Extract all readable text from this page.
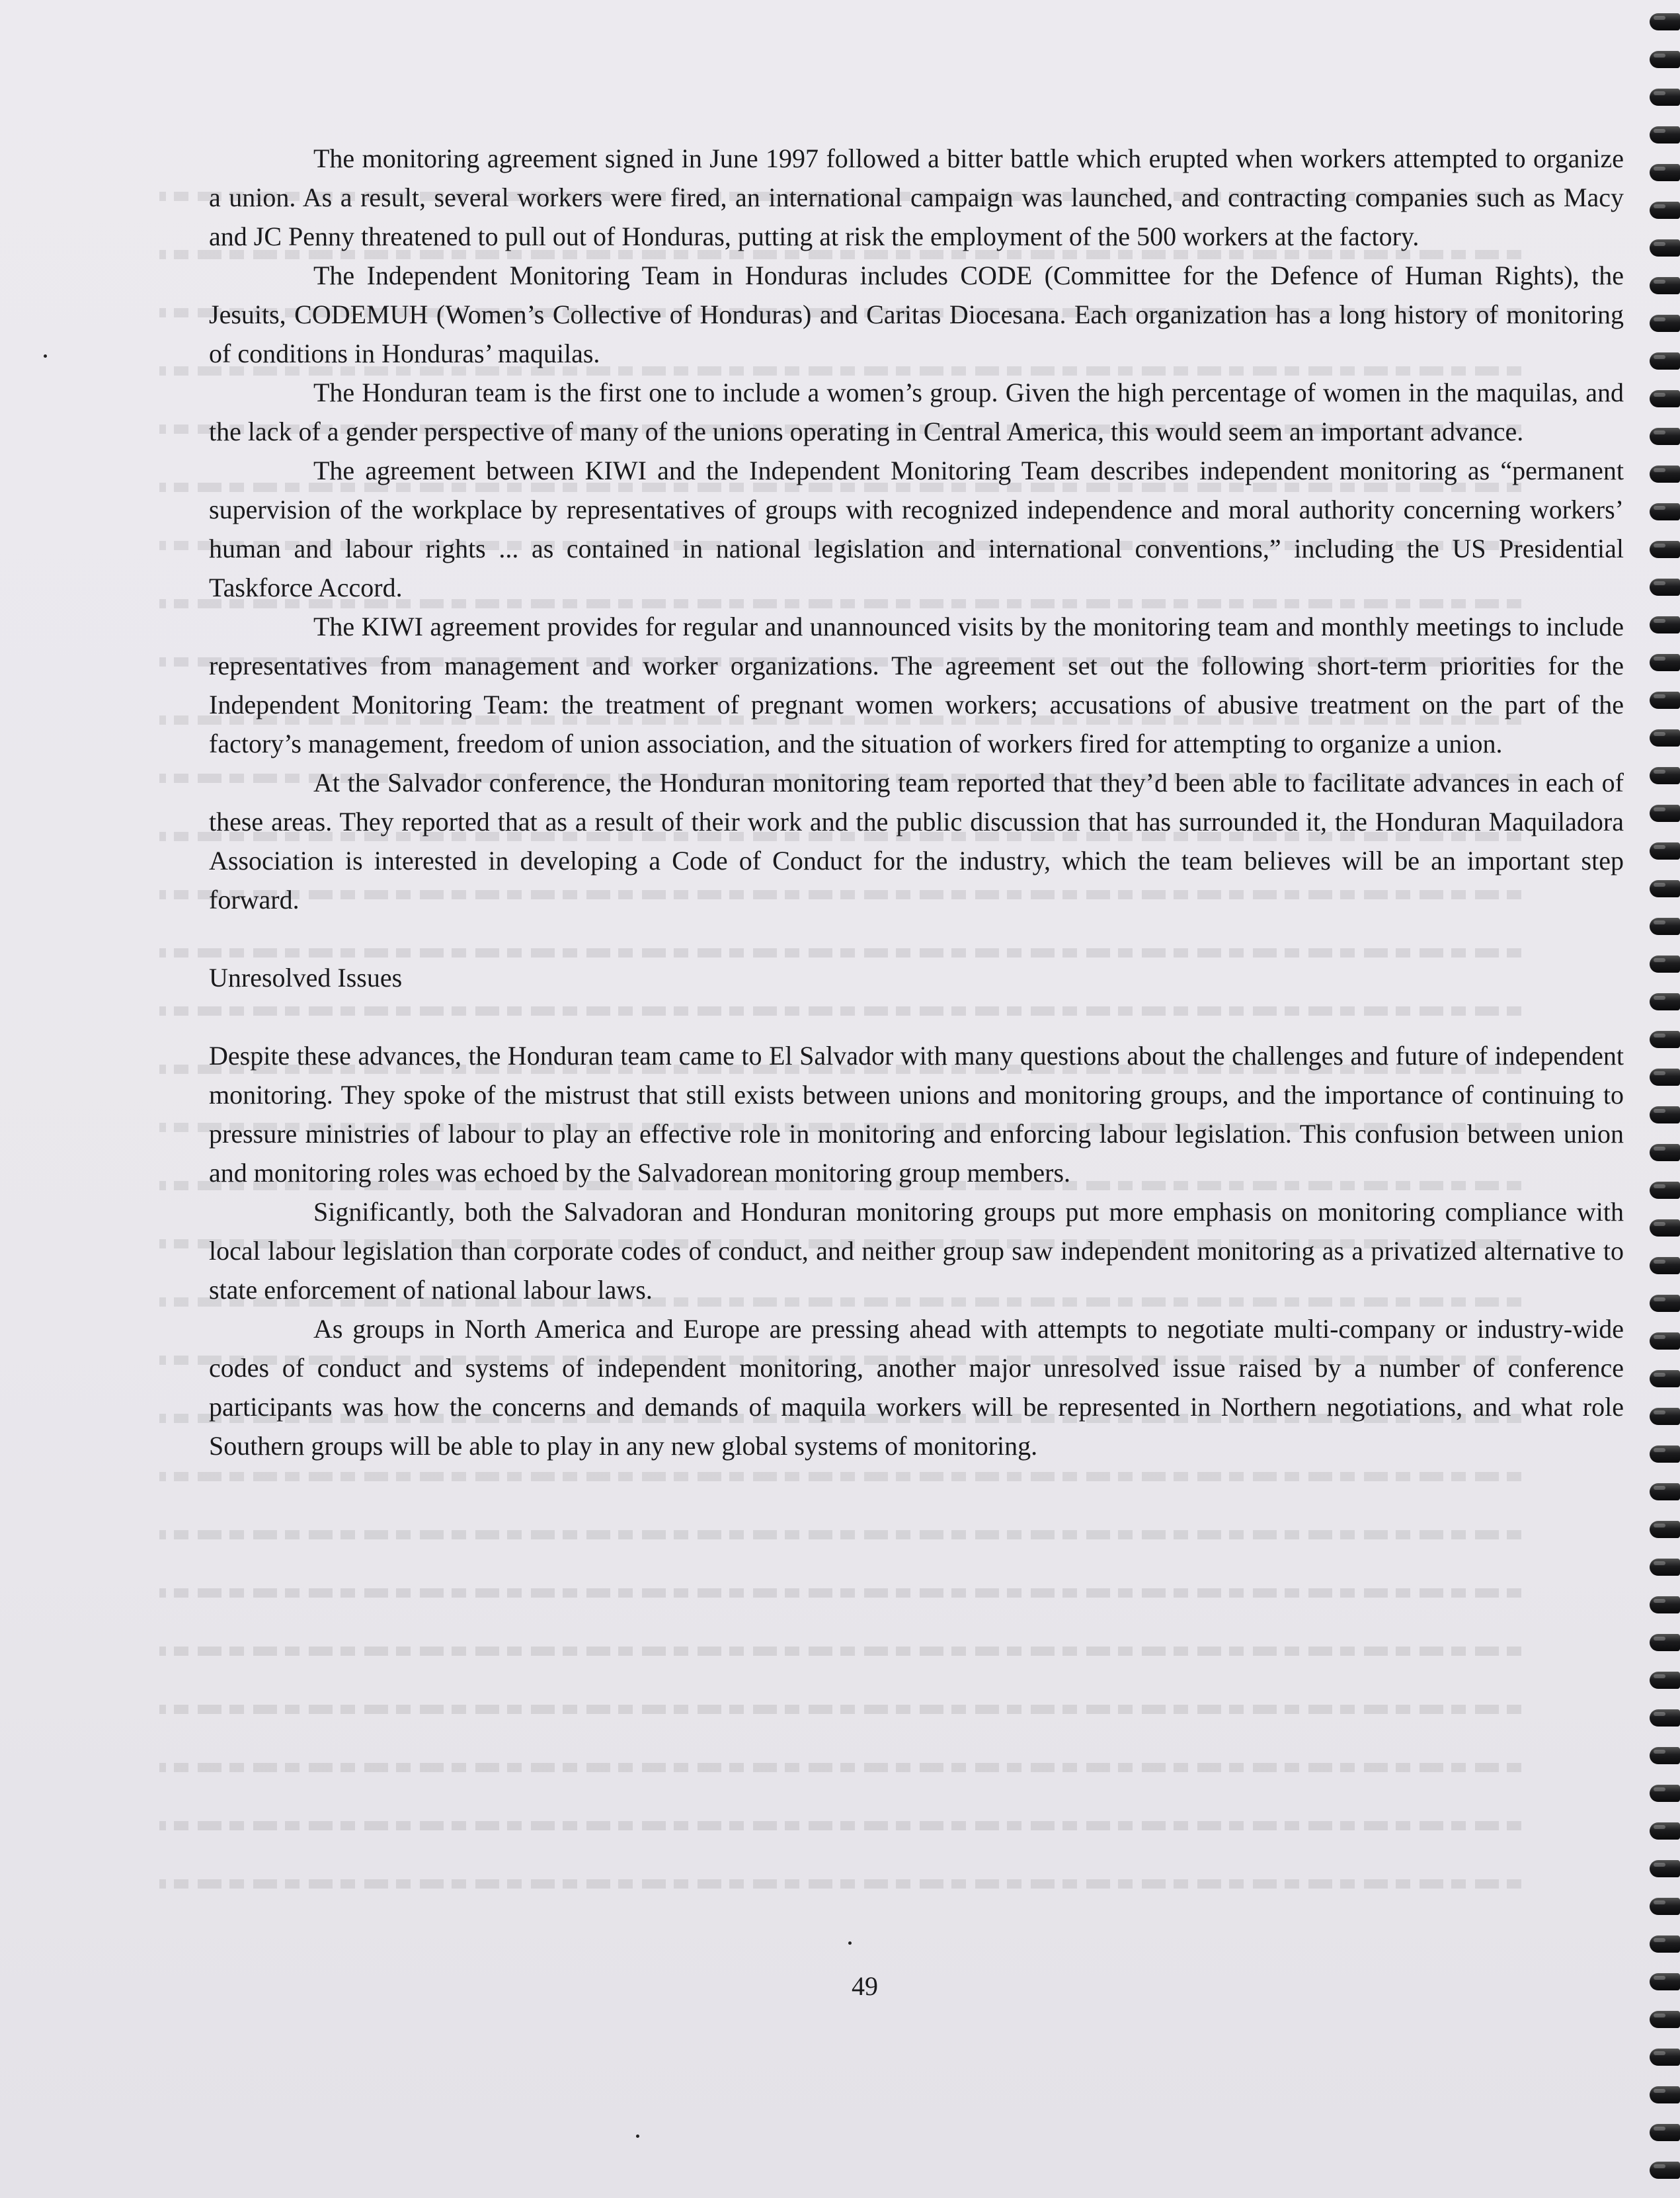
The monitoring agreement signed in June 1997 followed a bitter battle which erupted when workers attempted to organize a union. As a result, several workers were fired, an international campaign was launched, and contracting companies such as Macy and JC Penny threatened to pull out of Honduras, putting at risk the employment of the 500 workers at the factory.

The Independent Monitoring Team in Honduras includes CODE (Committee for the Defence of Human Rights), the Jesuits, CODEMUH (Women’s Collective of Honduras) and Caritas Diocesana. Each organization has a long history of monitoring of conditions in Honduras’ maquilas.

The Honduran team is the first one to include a women’s group. Given the high percentage of women in the maquilas, and the lack of a gender perspective of many of the unions operating in Central America, this would seem an important advance.

The agreement between KIWI and the Independent Monitoring Team describes independent monitoring as “permanent supervision of the workplace by representatives of groups with recognized independence and moral authority concerning workers’ human and labour rights ... as contained in national legislation and international conventions,” including the US Presidential Taskforce Accord.

The KIWI agreement provides for regular and unannounced visits by the monitoring team and monthly meetings to include representatives from management and worker organizations. The agreement set out the following short-term priorities for the Independent Monitoring Team: the treatment of pregnant women workers; accusations of abusive treatment on the part of the factory’s management, freedom of union association, and the situation of workers fired for attempting to organize a union.

At the Salvador conference, the Honduran monitoring team reported that they’d been able to facilitate advances in each of these areas. They reported that as a result of their work and the public discussion that has surrounded it, the Honduran Maquiladora Association is interested in developing a Code of Conduct for the industry, which the team believes will be an important step forward.

Unresolved Issues

Despite these advances, the Honduran team came to El Salvador with many questions about the challenges and future of independent monitoring. They spoke of the mistrust that still exists between unions and monitoring groups, and the importance of continuing to pressure ministries of labour to play an effective role in monitoring and enforcing labour legislation. This confusion between union and monitoring roles was echoed by the Salvadorean monitoring group members.

Significantly, both the Salvadoran and Honduran monitoring groups put more emphasis on monitoring compliance with local labour legislation than corporate codes of conduct, and neither group saw independent monitoring as a privatized alternative to state enforcement of national labour laws.

As groups in North America and Europe are pressing ahead with attempts to negotiate multi-company or industry-wide codes of conduct and systems of independent monitoring, another major unresolved issue raised by a number of conference participants was how the concerns and demands of maquila workers will be represented in Northern negotiations, and what role Southern groups will be able to play in any new global systems of monitoring.

49
